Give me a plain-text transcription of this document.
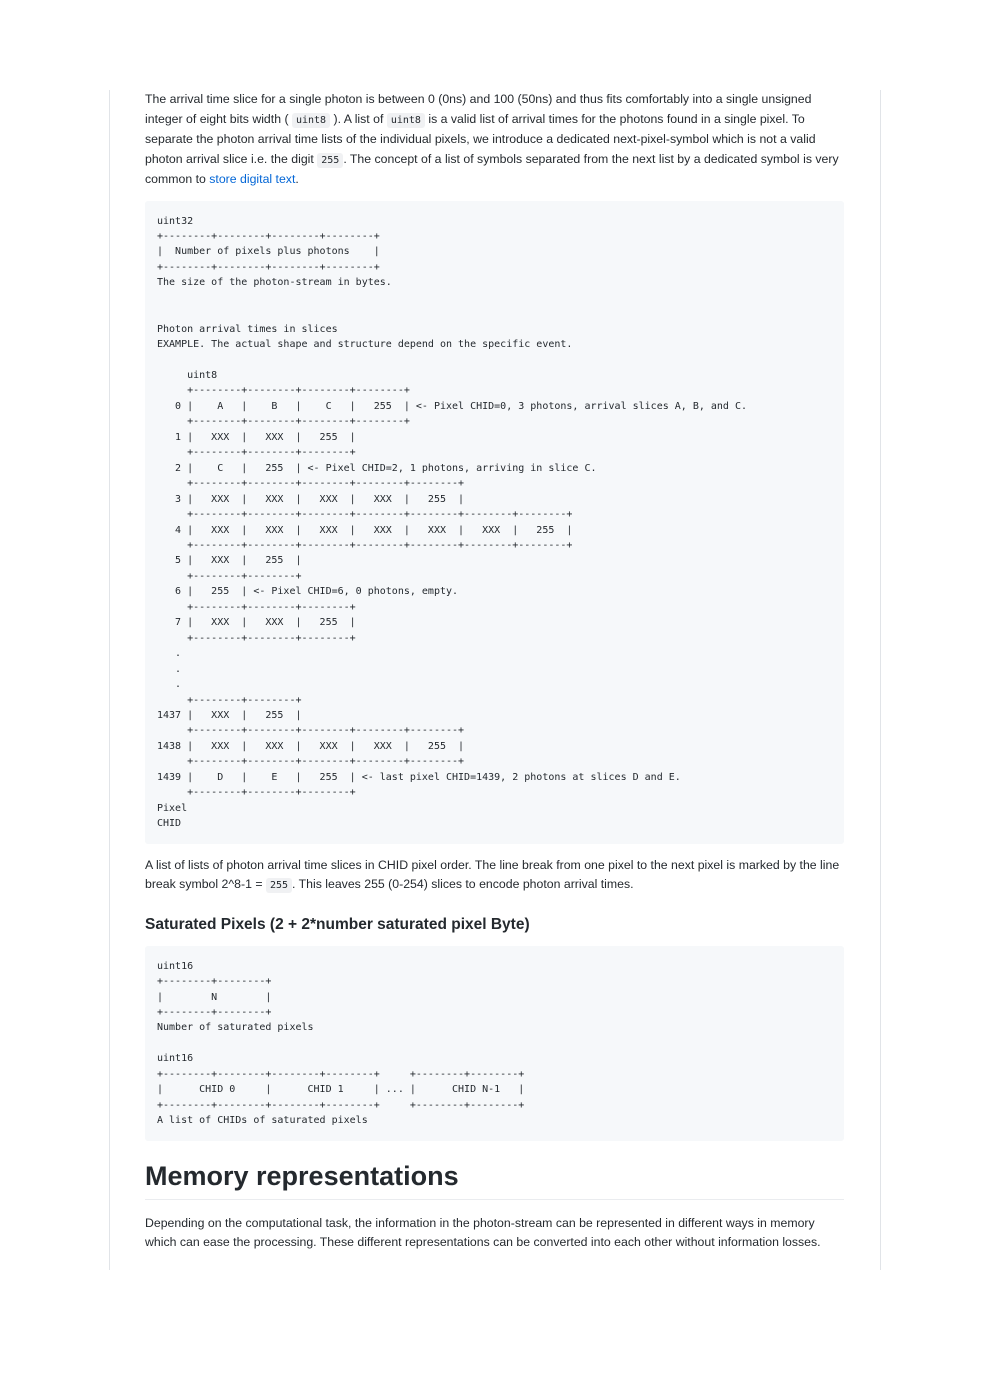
The arrival time slice for a single photon is between 0 (0ns) and 100 (50ns) and thus fits comfortably into a single unsigned integer of eight bits width ( uint8 ). A list of uint8 is a valid list of arrival times for the photons found in a single pixel. To separate the photon arrival time lists of the individual pixels, we introduce a dedicated next-pixel-symbol which is not a valid photon arrival slice i.e. the digit 255 . The concept of a list of symbols separated from the next list by a dedicated symbol is very common to store digital text.

uint32
+--------+--------+--------+--------+
|  Number of pixels plus photons    |
+--------+--------+--------+--------+
The size of the photon-stream in bytes.

Photon arrival times in slices
EXAMPLE. The actual shape and structure depend on the specific event.

uint8
+--------+--------+--------+--------+
0 |    A   |    B   |    C   |   255  | <- Pixel CHID=0, 3 photons, arrival slices A, B, and C.
+--------+--------+--------+--------+
1 |   XXX  |   XXX  |   255  |
+--------+--------+--------+
2 |    C   |   255  | <- Pixel CHID=2, 1 photons, arriving in slice C.
+--------+--------+--------+--------+--------+
3 |   XXX  |   XXX  |   XXX  |   XXX  |   255  |
+--------+--------+--------+--------+--------+--------+--------+
4 |   XXX  |   XXX  |   XXX  |   XXX  |   XXX  |   XXX  |   255  |
+--------+--------+--------+--------+--------+--------+--------+
5 |   XXX  |   255  |
+--------+--------+
6 |   255  | <- Pixel CHID=6, 0 photons, empty.
+--------+--------+--------+
7 |   XXX  |   XXX  |   255  |
+--------+--------+--------+
.
.
.
+--------+--------+
1437 |   XXX  |   255  |
+--------+--------+--------+--------+--------+
1438 |   XXX  |   XXX  |   XXX  |   XXX  |   255  |
+--------+--------+--------+--------+--------+
1439 |    D   |    E   |   255  | <- last pixel CHID=1439, 2 photons at slices D and E.
+--------+--------+--------+
Pixel
CHID

A list of lists of photon arrival time slices in CHID pixel order. The line break from one pixel to the next pixel is marked by the line break symbol 2^8-1 = 255 . This leaves 255 (0-254) slices to encode photon arrival times.

Saturated Pixels (2 + 2*number saturated pixel Byte)
uint16
+--------+--------+
|        N        |
+--------+--------+
Number of saturated pixels

uint16
+--------+--------+--------+--------+     +--------+--------+
|      CHID 0     |      CHID 1     | ... |      CHID N-1   |
+--------+--------+--------+--------+     +--------+--------+
A list of CHIDs of saturated pixels
Memory representations

Depending on the computational task, the information in the photon-stream can be represented in different ways in memory which can ease the processing. These different representations can be converted into each other without information losses.
